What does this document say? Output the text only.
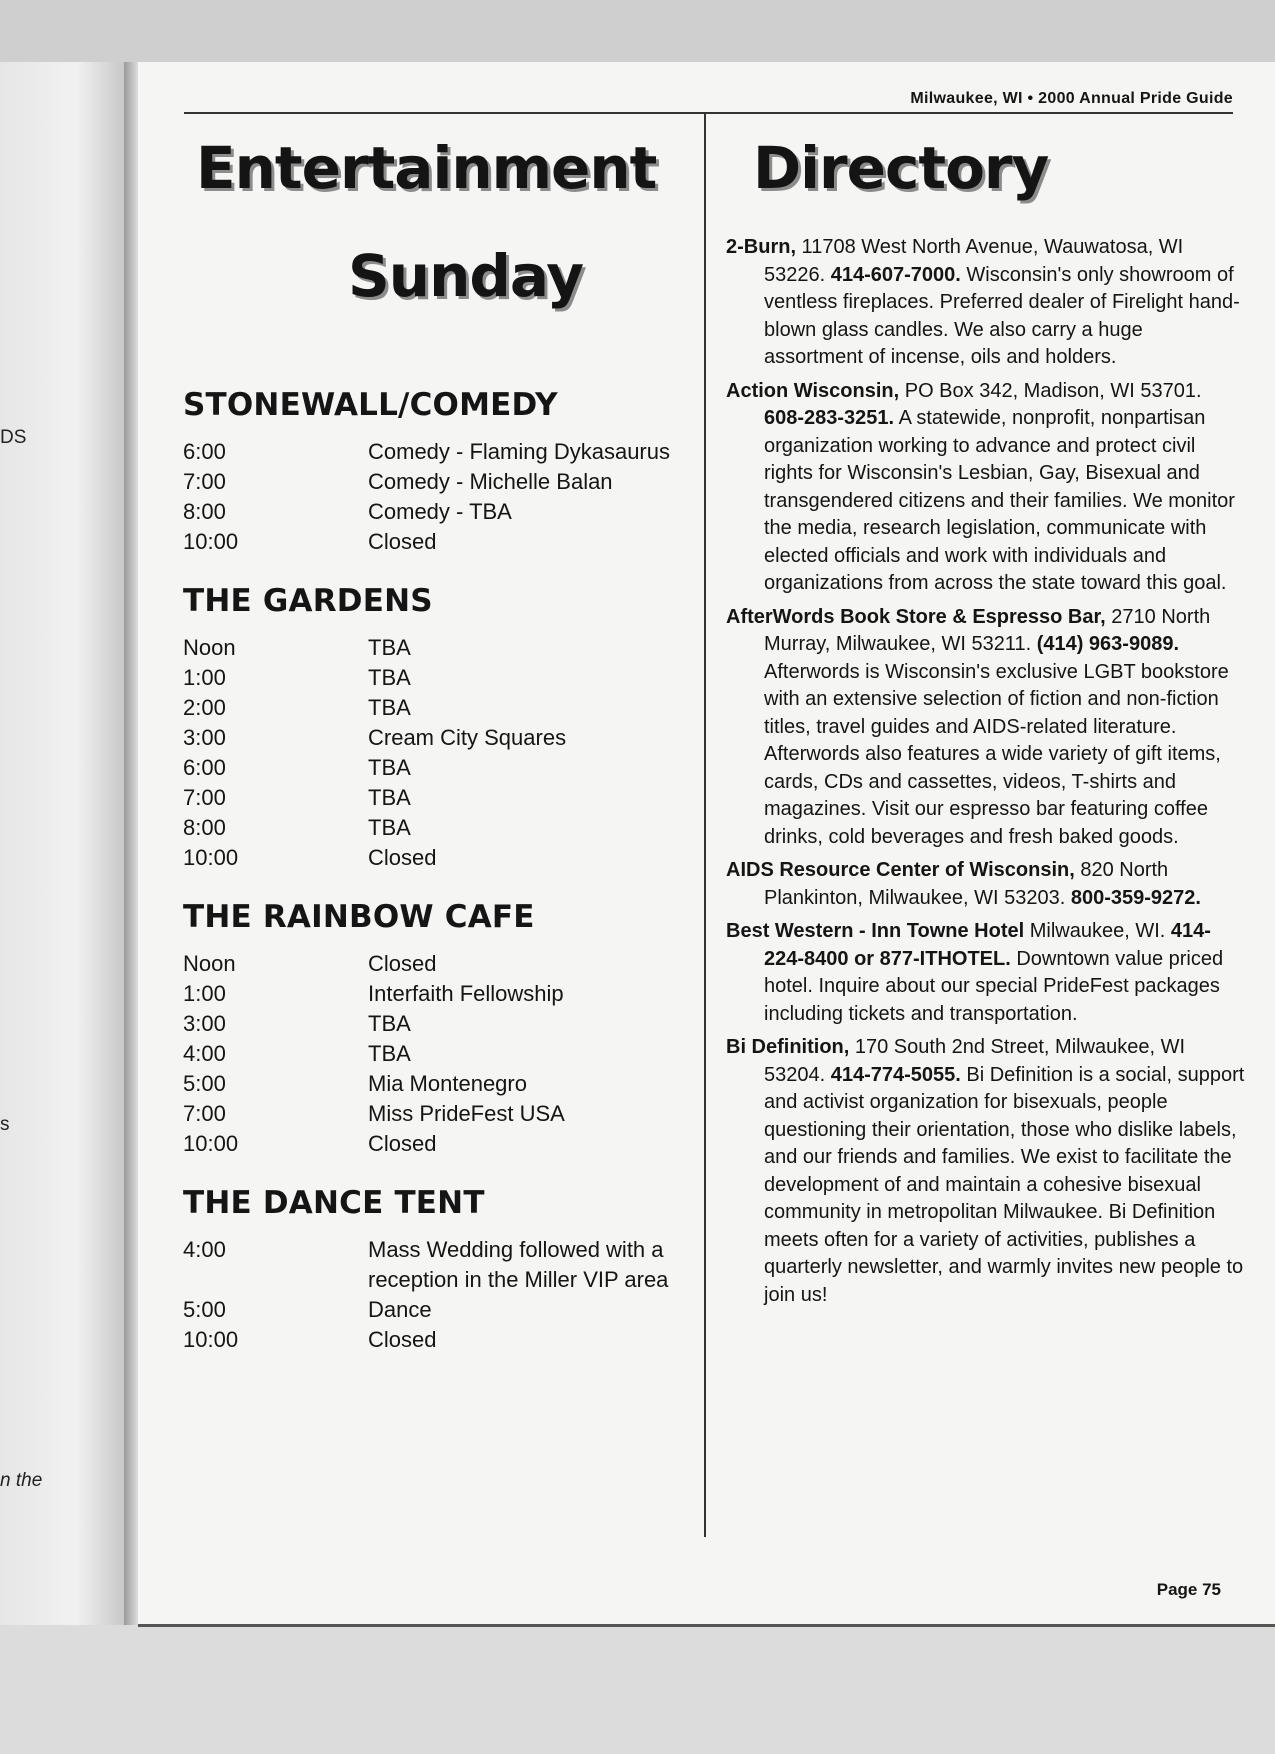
DS
s
n the
Milwaukee, WI • 2000 Annual Pride Guide
Entertainment
Sunday
Directory
STONEWALL/COMEDY
6:00	Comedy - Flaming Dykasaurus
7:00	Comedy - Michelle Balan
8:00	Comedy - TBA
10:00	Closed
THE GARDENS
Noon	TBA
1:00	TBA
2:00	TBA
3:00	Cream City Squares
6:00	TBA
7:00	TBA
8:00	TBA
10:00	Closed
THE RAINBOW CAFE
Noon	Closed
1:00	Interfaith Fellowship
3:00	TBA
4:00	TBA
5:00	Mia Montenegro
7:00	Miss PrideFest USA
10:00	Closed
THE DANCE TENT
4:00	Mass Wedding followed with a reception in the Miller VIP area
5:00	Dance
10:00	Closed
2-Burn, 11708 West North Avenue, Wauwatosa, WI 53226. 414-607-7000. Wisconsin's only showroom of ventless fireplaces. Preferred dealer of Firelight hand-blown glass candles. We also carry a huge assortment of incense, oils and holders.
Action Wisconsin, PO Box 342, Madison, WI 53701. 608-283-3251. A statewide, nonprofit, nonpartisan organization working to advance and protect civil rights for Wisconsin's Lesbian, Gay, Bisexual and transgendered citizens and their families. We monitor the media, research legislation, communicate with elected officials and work with individuals and organizations from across the state toward this goal.
AfterWords Book Store & Espresso Bar, 2710 North Murray, Milwaukee, WI 53211. (414) 963-9089. Afterwords is Wisconsin's exclusive LGBT bookstore with an extensive selection of fiction and non-fiction titles, travel guides and AIDS-related literature. Afterwords also features a wide variety of gift items, cards, CDs and cassettes, videos, T-shirts and magazines. Visit our espresso bar featuring coffee drinks, cold beverages and fresh baked goods.
AIDS Resource Center of Wisconsin, 820 North Plankinton, Milwaukee, WI 53203. 800-359-9272.
Best Western - Inn Towne Hotel Milwaukee, WI. 414-224-8400 or 877-ITHOTEL. Downtown value priced hotel. Inquire about our special PrideFest packages including tickets and transportation.
Bi Definition, 170 South 2nd Street, Milwaukee, WI 53204. 414-774-5055. Bi Definition is a social, support and activist organization for bisexuals, people questioning their orientation, those who dislike labels, and our friends and families. We exist to facilitate the development of and maintain a cohesive bisexual community in metropolitan Milwaukee. Bi Definition meets often for a variety of activities, publishes a quarterly newsletter, and warmly invites new people to join us!
Page 75
